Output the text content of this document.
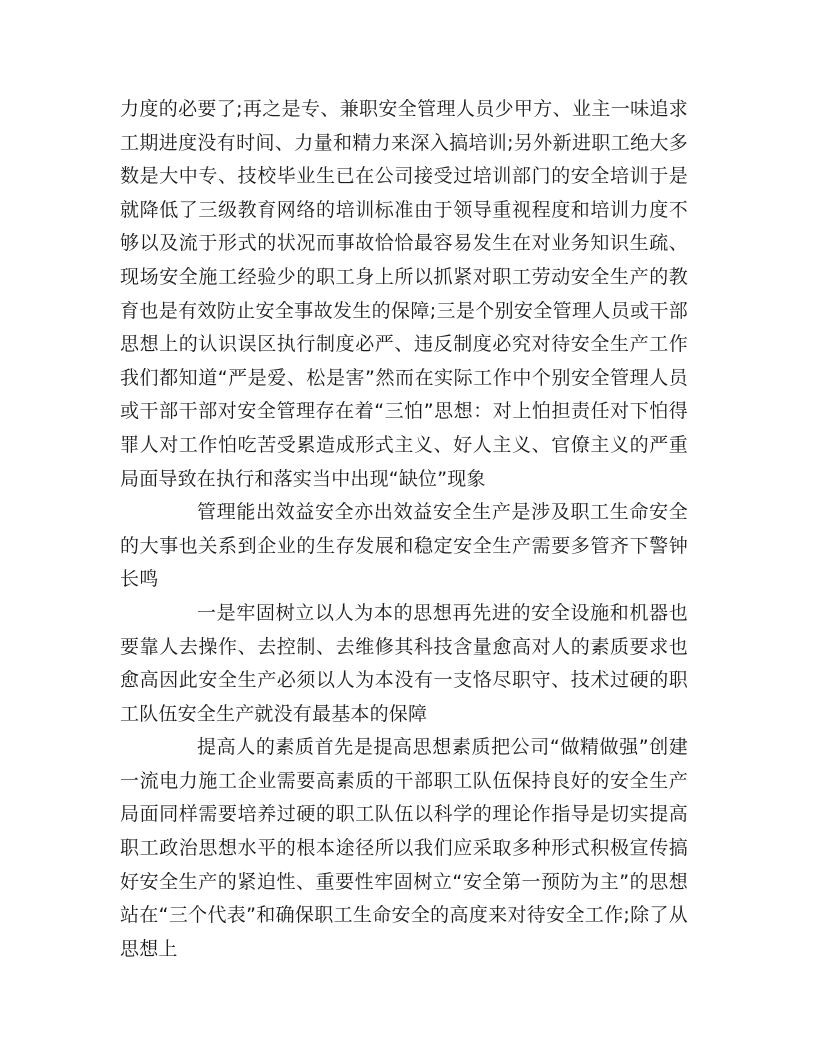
力度的必要了;再之是专、兼职安全管理人员少甲方、业主一味追求工期进度没有时间、力量和精力来深入搞培训;另外新进职工绝大多数是大中专、技校毕业生已在公司接受过培训部门的安全培训于是就降低了三级教育网络的培训标准由于领导重视程度和培训力度不够以及流于形式的状况而事故恰恰最容易发生在对业务知识生疏、现场安全施工经验少的职工身上所以抓紧对职工劳动安全生产的教育也是有效防止安全事故发生的保障;三是个别安全管理人员或干部思想上的认识误区执行制度必严、违反制度必究对待安全生产工作我们都知道“严是爱、松是害”然而在实际工作中个别安全管理人员或干部干部对安全管理存在着“三怕”思想：对上怕担责任对下怕得罪人对工作怕吃苦受累造成形式主义、好人主义、官僚主义的严重局面导致在执行和落实当中出现“缺位”现象

管理能出效益安全亦出效益安全生产是涉及职工生命安全的大事也关系到企业的生存发展和稳定安全生产需要多管齐下警钟长鸣

一是牢固树立以人为本的思想再先进的安全设施和机器也要靠人去操作、去控制、去维修其科技含量愈高对人的素质要求也愈高因此安全生产必须以人为本没有一支恪尽职守、技术过硬的职工队伍安全生产就没有最基本的保障

提高人的素质首先是提高思想素质把公司“做精做强”创建一流电力施工企业需要高素质的干部职工队伍保持良好的安全生产局面同样需要培养过硬的职工队伍以科学的理论作指导是切实提高职工政治思想水平的根本途径所以我们应采取多种形式积极宣传搞好安全生产的紧迫性、重要性牢固树立“安全第一预防为主”的思想站在“三个代表”和确保职工生命安全的高度来对待安全工作;除了从思想上
